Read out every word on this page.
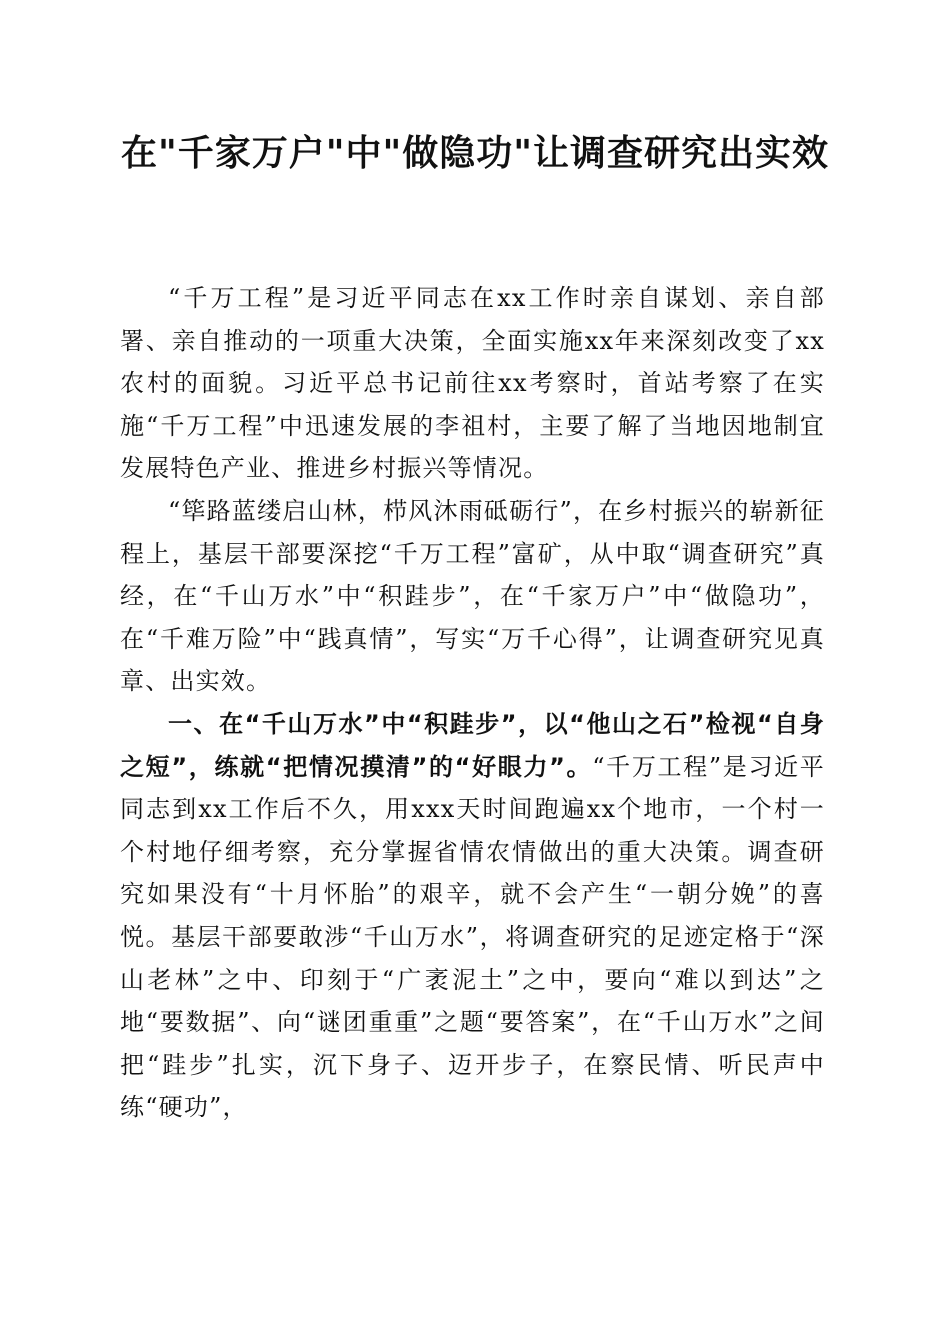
在"千家万户"中"做隐功"让调查研究出实效

“千万工程”是习近平同志在xx工作时亲自谋划、亲自部署、亲自推动的一项重大决策，全面实施xx年来深刻改变了xx农村的面貌。习近平总书记前往xx考察时，首站考察了在实施“千万工程”中迅速发展的李祖村，主要了解了当地因地制宜发展特色产业、推进乡村振兴等情况。

“筚路蓝缕启山林，栉风沐雨砥砺行”，在乡村振兴的崭新征程上，基层干部要深挖“千万工程”富矿，从中取“调查研究”真经，在“千山万水”中“积跬步”，在“千家万户”中“做隐功”，在“千难万险”中“践真情”，写实“万千心得”，让调查研究见真章、出实效。

一、在“千山万水”中“积跬步”，以“他山之石”检视“自身之短”，练就“把情况摸清”的“好眼力”。“千万工程”是习近平同志到xx工作后不久，用xxx天时间跑遍xx个地市，一个村一个村地仔细考察，充分掌握省情农情做出的重大决策。调查研究如果没有“十月怀胎”的艰辛，就不会产生“一朝分娩”的喜悦。基层干部要敢涉“千山万水”，将调查研究的足迹定格于“深山老林”之中、印刻于“广袤泥土”之中，要向“难以到达”之地“要数据”、向“谜团重重”之题“要答案”，在“千山万水”之间把“跬步”扎实，沉下身子、迈开步子，在察民情、听民声中练“硬功”，
